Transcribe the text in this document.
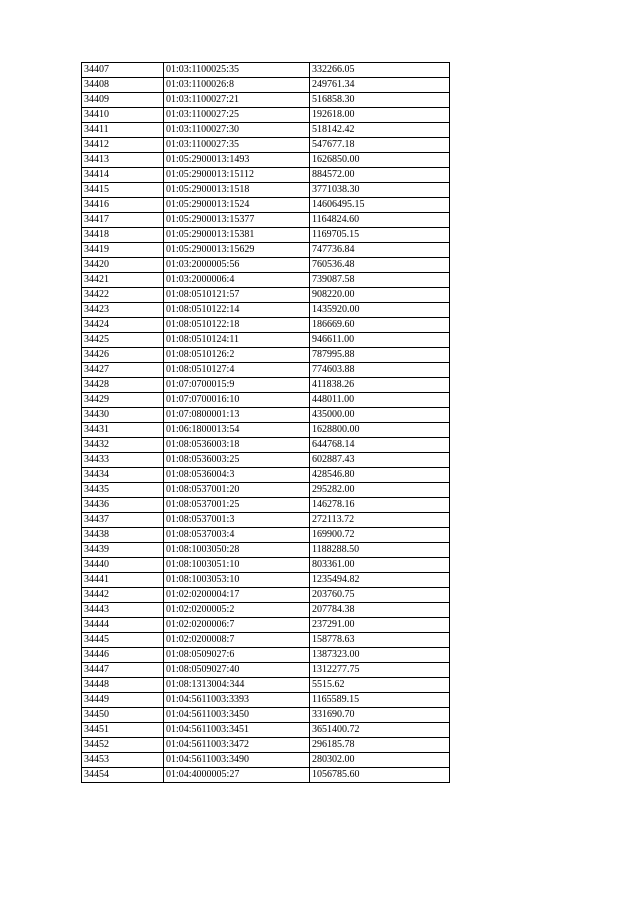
34407	01:03:1100025:35	332266.05
34408	01:03:1100026:8	249761.34
34409	01:03:1100027:21	516858.30
34410	01:03:1100027:25	192618.00
34411	01:03:1100027:30	518142.42
34412	01:03:1100027:35	547677.18
34413	01:05:2900013:1493	1626850.00
34414	01:05:2900013:15112	884572.00
34415	01:05:2900013:1518	3771038.30
34416	01:05:2900013:1524	14606495.15
34417	01:05:2900013:15377	1164824.60
34418	01:05:2900013:15381	1169705.15
34419	01:05:2900013:15629	747736.84
34420	01:03:2000005:56	760536.48
34421	01:03:2000006:4	739087.58
34422	01:08:0510121:57	908220.00
34423	01:08:0510122:14	1435920.00
34424	01:08:0510122:18	186669.60
34425	01:08:0510124:11	946611.00
34426	01:08:0510126:2	787995.88
34427	01:08:0510127:4	774603.88
34428	01:07:0700015:9	411838.26
34429	01:07:0700016:10	448011.00
34430	01:07:0800001:13	435000.00
34431	01:06:1800013:54	1628800.00
34432	01:08:0536003:18	644768.14
34433	01:08:0536003:25	602887.43
34434	01:08:0536004:3	428546.80
34435	01:08:0537001:20	295282.00
34436	01:08:0537001:25	146278.16
34437	01:08:0537001:3	272113.72
34438	01:08:0537003:4	169900.72
34439	01:08:1003050:28	1188288.50
34440	01:08:1003051:10	803361.00
34441	01:08:1003053:10	1235494.82
34442	01:02:0200004:17	203760.75
34443	01:02:0200005:2	207784.38
34444	01:02:0200006:7	237291.00
34445	01:02:0200008:7	158778.63
34446	01:08:0509027:6	1387323.00
34447	01:08:0509027:40	1312277.75
34448	01:08:1313004:344	5515.62
34449	01:04:5611003:3393	1165589.15
34450	01:04:5611003:3450	331690.70
34451	01:04:5611003:3451	3651400.72
34452	01:04:5611003:3472	296185.78
34453	01:04:5611003:3490	280302.00
34454	01:04:4000005:27	1056785.60
